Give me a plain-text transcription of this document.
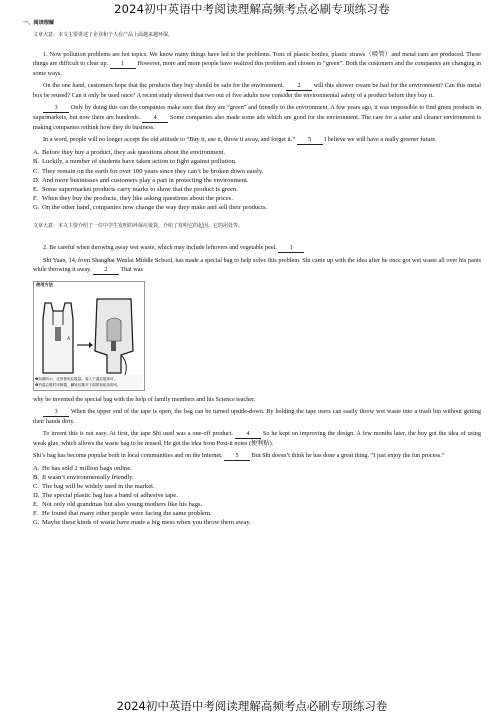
2024初中英语中考阅读理解高频考点必刷专项练习卷
一、阅读理解
文章大意：本文主要讲述了企业和个人在产品上面越来越环保。

1. Now pollution problems are hot topics. We know many things have led to the problems. Tons of plastic bottles, plastic straws（吸管）and metal cans are produced. These things are difficult to clear up. 1 However, more and more people have realized this problem and chosen to “green”. Both the customers and the companies are changing in some ways.

On the one hand, customers hope that the products they buy should be safe for the environment. 2 will this shower cream be bad for the environment? Can this metal box be reused? Can it only be used once? A recent study showed that two out of five adults now consider the environmental safety of a product before they buy it.

3 Only by doing this can the companies make sure that they are “green” and friendly to the environment. A few years ago, it was impossible to find green products in supermarkets, but now there are hundreds. 4 Some companies also made some ads which are good for the environment. The care for a safer and cleaner environment is making companies rethink how they do business.

In a word, people will no longer accept the old attitude to “Buy it, use it, throw it away, and forget it.” 5 I believe we will have a really greener future.

A. Before they buy a product, they ask questions about the environment.
B. Luckily, a number of students have taken action to fight against pollution.
C. They remain on the earth for over 100 years since they can’t be broken down easily.
D. And more businesses and customers play a part in protecting the environment.
E. Some supermarket products carry marks to show that the product is green.
F. When they buy the products, they like asking questions about the prices.
G. On the other hand, companies now change the way they make and sell their products.
文章大意：本文主要介绍了一位中学生发明的环保垃圾袋，介绍了发明它的起因、它的用处等。

2. Be careful when throwing away wet waste, which may include leftovers and vegetable peel. 1

Shi Yuan, 14, from Shanghai Wenlai Middle School, has made a special bag to help solve this problem. Shi came up with the idea after he once got wet waste all over his pants while throwing it away. 2 That was

使用方法
A
❶如图所示，正常使用垃圾袋，装入干湿垃圾即可。
❷扔湿垃圾时可倒置，翻转后撕开下面的粘贴条即可。

why he invented the special bag with the help of family members and his Science teacher.

3 When the upper end of the tape is open, the bag can be turned upside-down. By holding the tape users can easily throw wet waste into a trash bin without getting their hands dirty.

To invent this is not easy. At first, the tape Shi used was a one-off product. 4 So he kept on improving the design. A few months later, the boy got the idea of using weak glue, which allows the waste bag to be reused. He got the idea from Post-it notes (便利贴).

Shi’s bag has become popular both in local communities and on the Internet. 5 But Shi doesn’t think he has done a great thing. “I just enjoy the fun process.”

A. He has sold 2 million bags online.
B. It wasn’t environmentally friendly.
C. The bag will be widely used in the market.
D. The special plastic bag has a band of adhesive tape.
E. Not only old grandmas but also young mothers like his bags.
F. He found that many other people were facing the same problem.
G. Maybe these kinds of waste have made a big mess when you throw them away.
2024初中英语中考阅读理解高频考点必刷专项练习卷
